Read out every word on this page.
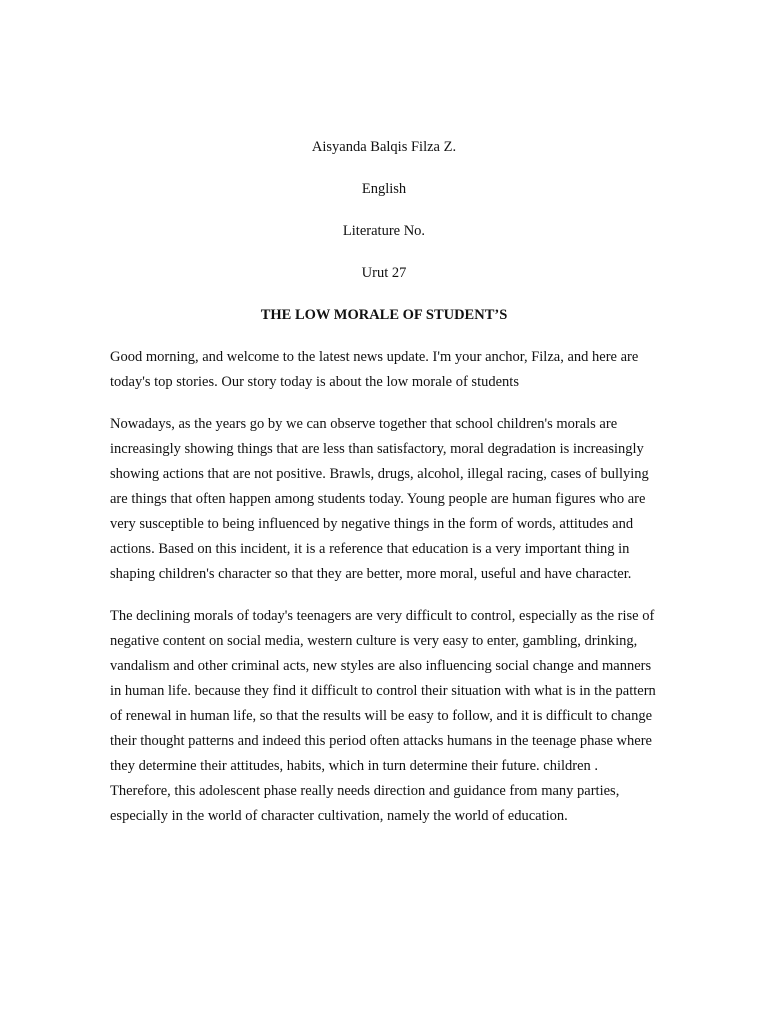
Aisyanda Balqis Filza Z.
English
Literature No.
Urut 27
THE LOW MORALE OF STUDENT’S

Good morning, and welcome to the latest news update. I'm your anchor, Filza, and here are today's top stories. Our story today is about the low morale of students

Nowadays, as the years go by we can observe together that school children's morals are increasingly showing things that are less than satisfactory, moral degradation is increasingly showing actions that are not positive. Brawls, drugs, alcohol, illegal racing, cases of bullying are things that often happen among students today. Young people are human figures who are very susceptible to being influenced by negative things in the form of words, attitudes and actions. Based on this incident, it is a reference that education is a very important thing in shaping children's character so that they are better, more moral, useful and have character.

The declining morals of today's teenagers are very difficult to control, especially as the rise of negative content on social media, western culture is very easy to enter, gambling, drinking, vandalism and other criminal acts, new styles are also influencing social change and manners in human life. because they find it difficult to control their situation with what is in the pattern of renewal in human life, so that the results will be easy to follow, and it is difficult to change their thought patterns and indeed this period often attacks humans in the teenage phase where they determine their attitudes, habits, which in turn determine their future. children . Therefore, this adolescent phase really needs direction and guidance from many parties, especially in the world of character cultivation, namely the world of education.
